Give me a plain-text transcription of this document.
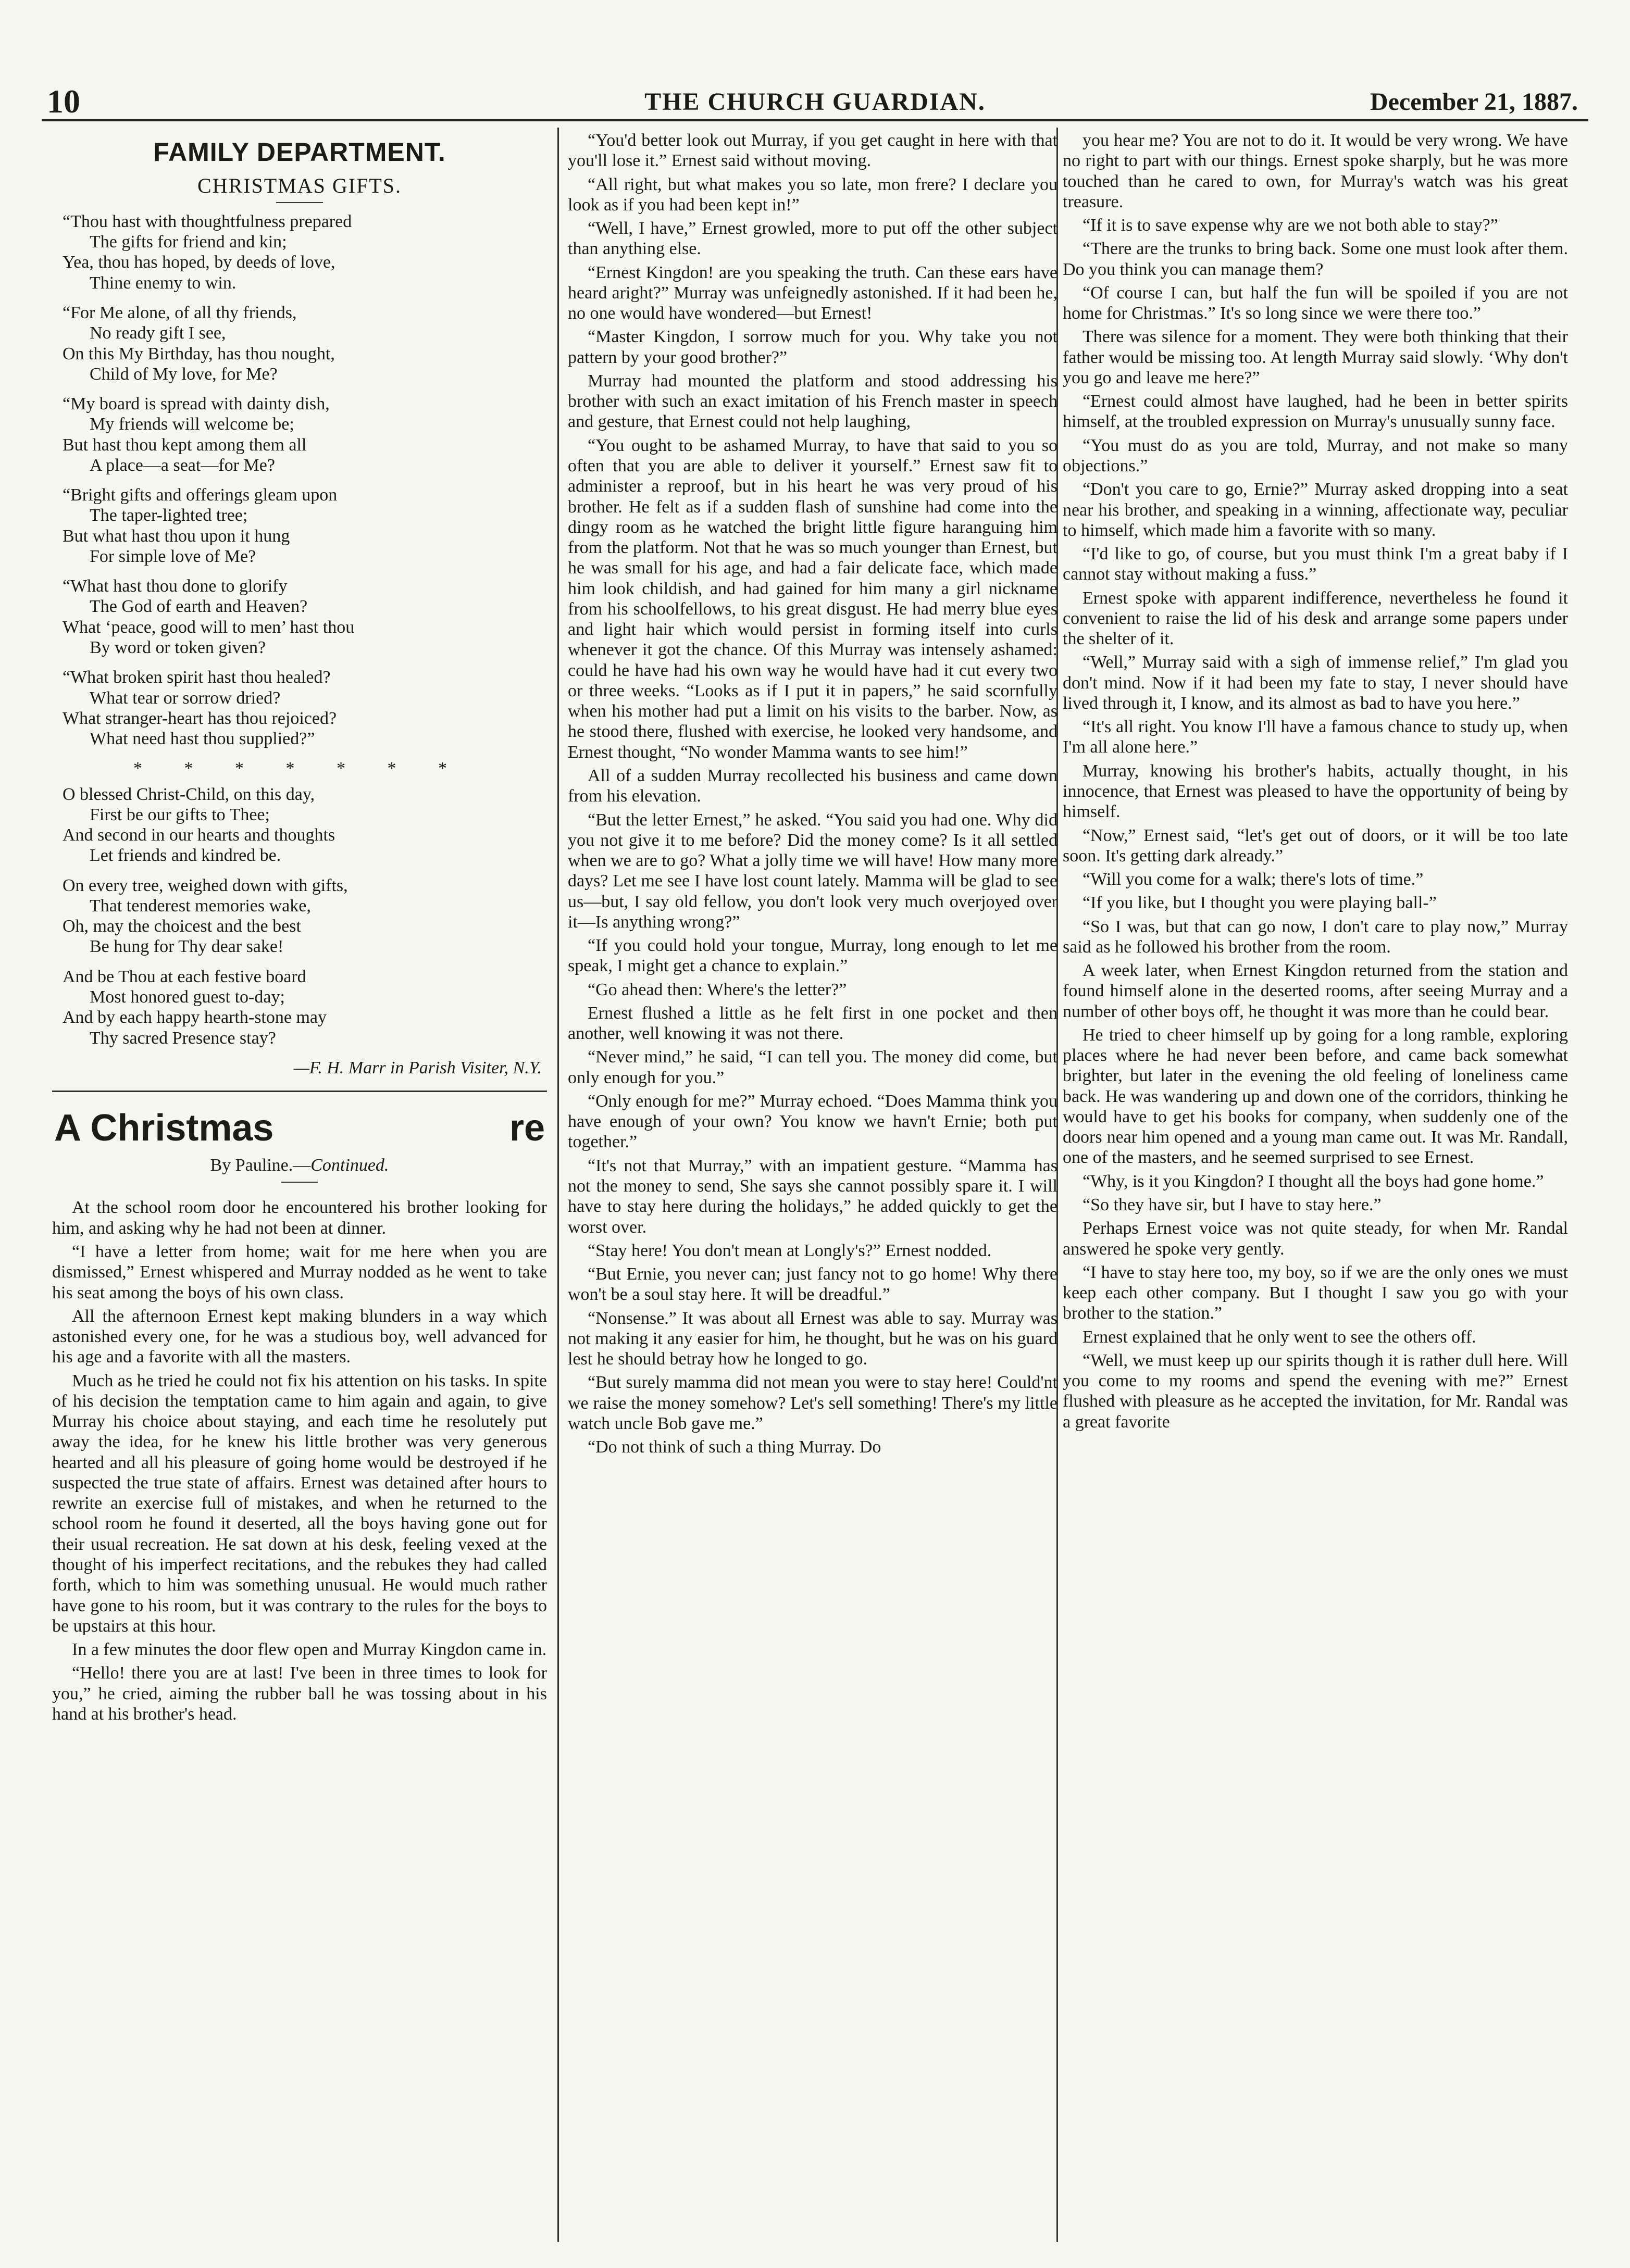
10	THE CHURCH GUARDIAN.	December 21, 1887.
FAMILY DEPARTMENT.
CHRISTMAS GIFTS.
“Thou hast with thoughtfulness prepared
The gifts for friend and kin;
Yea, thou has hoped, by deeds of love,
Thine enemy to win.
“For Me alone, of all thy friends,
No ready gift I see,
On this My Birthday, has thou nought,
Child of My love, for Me?
“My board is spread with dainty dish,
My friends will welcome be;
But hast thou kept among them all
A place—a seat—for Me?
“Bright gifts and offerings gleam upon
The taper-lighted tree;
But what hast thou upon it hung
For simple love of Me?
“What hast thou done to glorify
The God of earth and Heaven?
What ‘peace, good will to men’ hast thou
By word or token given?
“What broken spirit hast thou healed?
What tear or sorrow dried?
What stranger-heart has thou rejoiced?
What need hast thou supplied?”
* * * * * * *
O blessed Christ-Child, on this day,
First be our gifts to Thee;
And second in our hearts and thoughts
Let friends and kindred be.
On every tree, weighed down with gifts,
That tenderest memories wake,
Oh, may the choicest and the best
Be hung for Thy dear sake!
And be Thou at each festive board
Most honored guest to-day;
And by each happy hearth-stone may
Thy sacred Presence stay?
—F. H. Marr in Parish Visiter, N.Y.
A Christmas	re
By Pauline.—Continued.

At the school room door he encountered his brother looking for him, and asking why he had not been at dinner.

“I have a letter from home; wait for me here when you are dismissed,” Ernest whispered and Murray nodded as he went to take his seat among the boys of his own class.

All the afternoon Ernest kept making blunders in a way which astonished every one, for he was a studious boy, well advanced for his age and a favorite with all the masters.

Much as he tried he could not fix his attention on his tasks. In spite of his decision the temptation came to him again and again, to give Murray his choice about staying, and each time he resolutely put away the idea, for he knew his little brother was very generous hearted and all his pleasure of going home would be destroyed if he suspected the true state of affairs. Ernest was detained after hours to rewrite an exercise full of mistakes, and when he returned to the school room he found it deserted, all the boys having gone out for their usual recreation. He sat down at his desk, feeling vexed at the thought of his imperfect recitations, and the rebukes they had called forth, which to him was something unusual. He would much rather have gone to his room, but it was contrary to the rules for the boys to be upstairs at this hour.

In a few minutes the door flew open and Murray Kingdon came in.

“Hello! there you are at last! I've been in three times to look for you,” he cried, aiming the rubber ball he was tossing about in his hand at his brother's head.

“You'd better look out Murray, if you get caught in here with that you'll lose it.” Ernest said without moving.

“All right, but what makes you so late, mon frere? I declare you look as if you had been kept in!”

“Well, I have,” Ernest growled, more to put off the other subject than anything else.

“Ernest Kingdon! are you speaking the truth. Can these ears have heard aright?” Murray was unfeignedly astonished. If it had been he, no one would have wondered—but Ernest!

“Master Kingdon, I sorrow much for you. Why take you not pattern by your good brother?”

Murray had mounted the platform and stood addressing his brother with such an exact imitation of his French master in speech and gesture, that Ernest could not help laughing,

“You ought to be ashamed Murray, to have that said to you so often that you are able to deliver it yourself.” Ernest saw fit to administer a reproof, but in his heart he was very proud of his brother. He felt as if a sudden flash of sunshine had come into the dingy room as he watched the bright little figure haranguing him from the platform. Not that he was so much younger than Ernest, but he was small for his age, and had a fair delicate face, which made him look childish, and had gained for him many a girl nickname from his schoolfellows, to his great disgust. He had merry blue eyes and light hair which would persist in forming itself into curls whenever it got the chance. Of this Murray was intensely ashamed: could he have had his own way he would have had it cut every two or three weeks. “Looks as if I put it in papers,” he said scornfully when his mother had put a limit on his visits to the barber. Now, as he stood there, flushed with exercise, he looked very handsome, and Ernest thought, “No wonder Mamma wants to see him!”

All of a sudden Murray recollected his business and came down from his elevation.

“But the letter Ernest,” he asked. “You said you had one. Why did you not give it to me before? Did the money come? Is it all settled when we are to go? What a jolly time we will have! How many more days? Let me see I have lost count lately. Mamma will be glad to see us—but, I say old fellow, you don't look very much overjoyed over it—Is anything wrong?”

“If you could hold your tongue, Murray, long enough to let me speak, I might get a chance to explain.”

“Go ahead then: Where's the letter?”

Ernest flushed a little as he felt first in one pocket and then another, well knowing it was not there.

“Never mind,” he said, “I can tell you. The money did come, but only enough for you.”

“Only enough for me?” Murray echoed. “Does Mamma think you have enough of your own? You know we havn't Ernie; both put together.”

“It's not that Murray,” with an impatient gesture. “Mamma has not the money to send, She says she cannot possibly spare it. I will have to stay here during the holidays,” he added quickly to get the worst over.

“Stay here! You don't mean at Longly's?” Ernest nodded.

“But Ernie, you never can; just fancy not to go home! Why there won't be a soul stay here. It will be dreadful.”

“Nonsense.” It was about all Ernest was able to say. Murray was not making it any easier for him, he thought, but he was on his guard lest he should betray how he longed to go.

“But surely mamma did not mean you were to stay here! Could'nt we raise the money somehow? Let's sell something! There's my little watch uncle Bob gave me.”

“Do not think of such a thing Murray. Do

you hear me? You are not to do it. It would be very wrong. We have no right to part with our things. Ernest spoke sharply, but he was more touched than he cared to own, for Murray's watch was his great treasure.

“If it is to save expense why are we not both able to stay?”

“There are the trunks to bring back. Some one must look after them. Do you think you can manage them?

“Of course I can, but half the fun will be spoiled if you are not home for Christmas.” It's so long since we were there too.”

There was silence for a moment. They were both thinking that their father would be missing too. At length Murray said slowly. ‘Why don't you go and leave me here?”

“Ernest could almost have laughed, had he been in better spirits himself, at the troubled expression on Murray's unusually sunny face.

“You must do as you are told, Murray, and not make so many objections.”

“Don't you care to go, Ernie?” Murray asked dropping into a seat near his brother, and speaking in a winning, affectionate way, peculiar to himself, which made him a favorite with so many.

“I'd like to go, of course, but you must think I'm a great baby if I cannot stay without making a fuss.”

Ernest spoke with apparent indifference, nevertheless he found it convenient to raise the lid of his desk and arrange some papers under the shelter of it.

“Well,” Murray said with a sigh of immense relief,” I'm glad you don't mind. Now if it had been my fate to stay, I never should have lived through it, I know, and its almost as bad to have you here.”

“It's all right. You know I'll have a famous chance to study up, when I'm all alone here.”

Murray, knowing his brother's habits, actually thought, in his innocence, that Ernest was pleased to have the opportunity of being by himself.

“Now,” Ernest said, “let's get out of doors, or it will be too late soon. It's getting dark already.”

“Will you come for a walk; there's lots of time.”

“If you like, but I thought you were playing ball-”

“So I was, but that can go now, I don't care to play now,” Murray said as he followed his brother from the room.

A week later, when Ernest Kingdon returned from the station and found himself alone in the deserted rooms, after seeing Murray and a number of other boys off, he thought it was more than he could bear.

He tried to cheer himself up by going for a long ramble, exploring places where he had never been before, and came back somewhat brighter, but later in the evening the old feeling of loneliness came back. He was wandering up and down one of the corridors, thinking he would have to get his books for company, when suddenly one of the doors near him opened and a young man came out. It was Mr. Randall, one of the masters, and he seemed surprised to see Ernest.

“Why, is it you Kingdon? I thought all the boys had gone home.”

“So they have sir, but I have to stay here.”

Perhaps Ernest voice was not quite steady, for when Mr. Randal answered he spoke very gently.

“I have to stay here too, my boy, so if we are the only ones we must keep each other company. But I thought I saw you go with your brother to the station.”

Ernest explained that he only went to see the others off.

“Well, we must keep up our spirits though it is rather dull here. Will you come to my rooms and spend the evening with me?” Ernest flushed with pleasure as he accepted the invitation, for Mr. Randal was a great favorite
